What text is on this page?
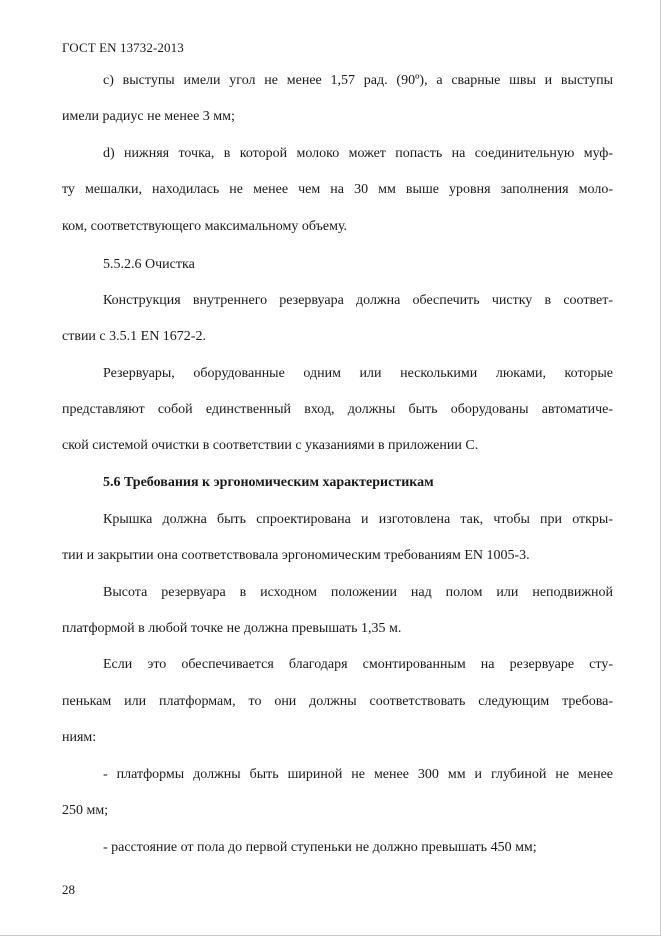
ГОСТ EN 13732-2013
c) выступы имели угол не менее 1,57 рад. (90º), а сварные швы и выступы
имели радиус не менее 3 мм;
d) нижняя точка, в которой молоко может попасть на соединительную муф-
ту мешалки, находилась не менее чем на 30 мм выше уровня заполнения моло-
ком, соответствующего максимальному объему.
5.5.2.6 Очистка
Конструкция внутреннего резервуара должна обеспечить чистку в соответ-
ствии с 3.5.1 EN 1672-2.
Резервуары, оборудованные одним или несколькими люками, которые
представляют собой единственный вход, должны быть оборудованы автоматиче-
ской системой очистки в соответствии с указаниями в приложении C.
5.6 Требования к эргономическим характеристикам
Крышка должна быть спроектирована и изготовлена так, чтобы при откры-
тии и закрытии она соответствовала эргономическим требованиям EN 1005-3.
Высота резервуара в исходном положении над полом или неподвижной
платформой в любой точке не должна превышать 1,35 м.
Если это обеспечивается благодаря смонтированным на резервуаре сту-
пенькам или платформам, то они должны соответствовать следующим требова-
ниям:
- платформы должны быть шириной не менее 300 мм и глубиной не менее
250 мм;
- расстояние от пола до первой ступеньки не должно превышать 450 мм;
28
